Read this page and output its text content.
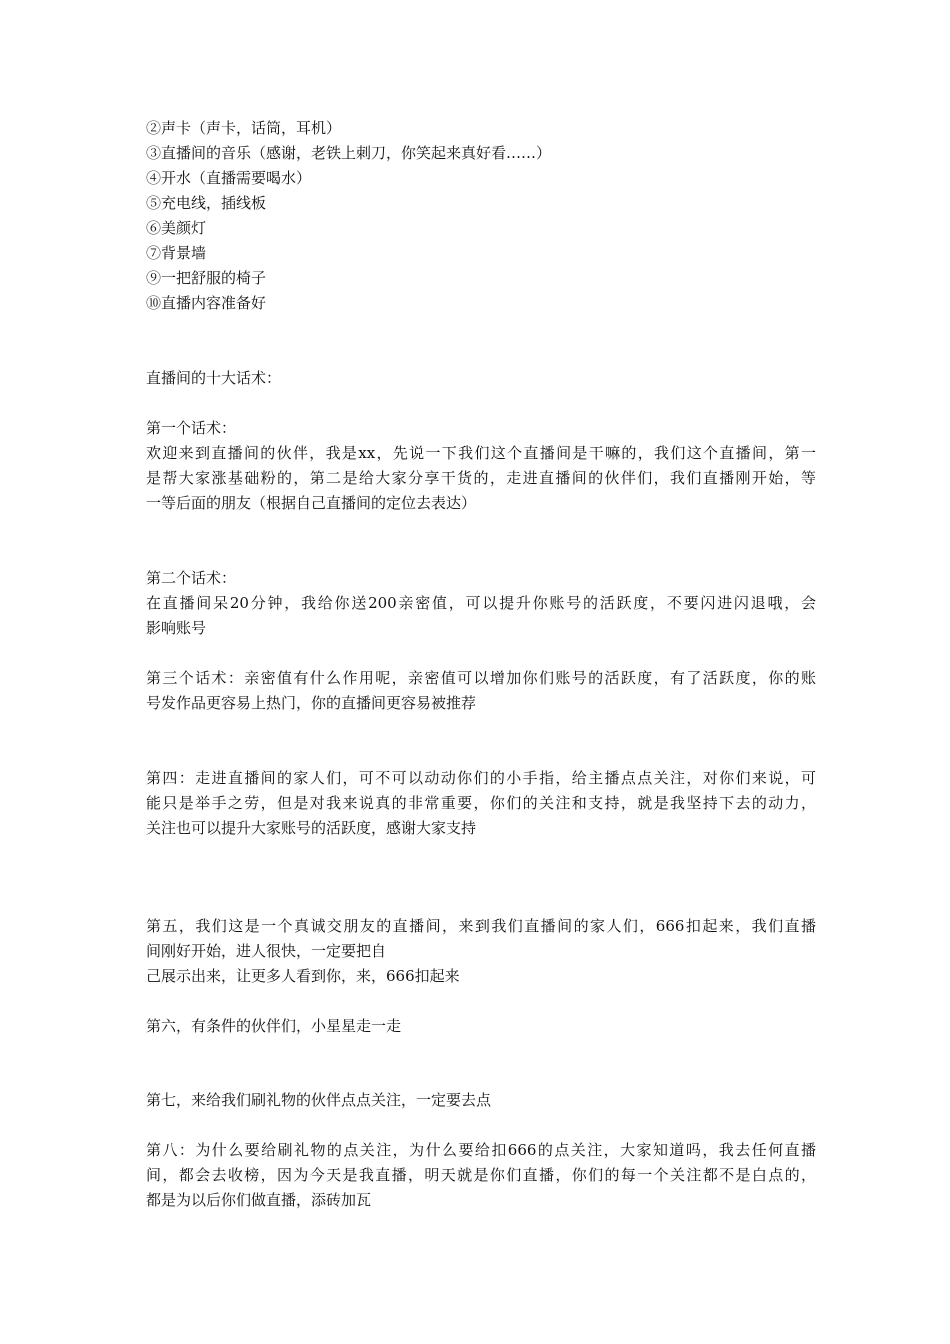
②声卡（声卡，话筒，耳机）
③直播间的音乐（感谢，老铁上刺刀，你笑起来真好看……）
④开水（直播需要喝水）
⑤充电线，插线板
⑥美颜灯
⑦背景墙
⑨一把舒服的椅子
⑩直播内容准备好
直播间的十大话术：
第一个话术：
欢迎来到直播间的伙伴，我是xx，先说一下我们这个直播间是干嘛的，我们这个直播间，第一
是帮大家涨基础粉的，第二是给大家分享干货的，走进直播间的伙伴们，我们直播刚开始，等
一等后面的朋友（根据自己直播间的定位去表达）
第二个话术：
在直播间呆20分钟，我给你送200亲密值，可以提升你账号的活跃度，不要闪进闪退哦，会
影响账号
第三个话术：亲密值有什么作用呢，亲密值可以增加你们账号的活跃度，有了活跃度，你的账
号发作品更容易上热门，你的直播间更容易被推荐
第四：走进直播间的家人们，可不可以动动你们的小手指，给主播点点关注，对你们来说，可
能只是举手之劳，但是对我来说真的非常重要，你们的关注和支持，就是我坚持下去的动力，
关注也可以提升大家账号的活跃度，感谢大家支持
第五，我们这是一个真诚交朋友的直播间，来到我们直播间的家人们，666扣起来，我们直播
间刚好开始，进人很快，一定要把自
己展示出来，让更多人看到你，来，666扣起来
第六，有条件的伙伴们，小星星走一走
第七，来给我们刷礼物的伙伴点点关注，一定要去点
第八：为什么要给刷礼物的点关注，为什么要给扣666的点关注，大家知道吗，我去任何直播
间，都会去收榜，因为今天是我直播，明天就是你们直播，你们的每一个关注都不是白点的，
都是为以后你们做直播，添砖加瓦
